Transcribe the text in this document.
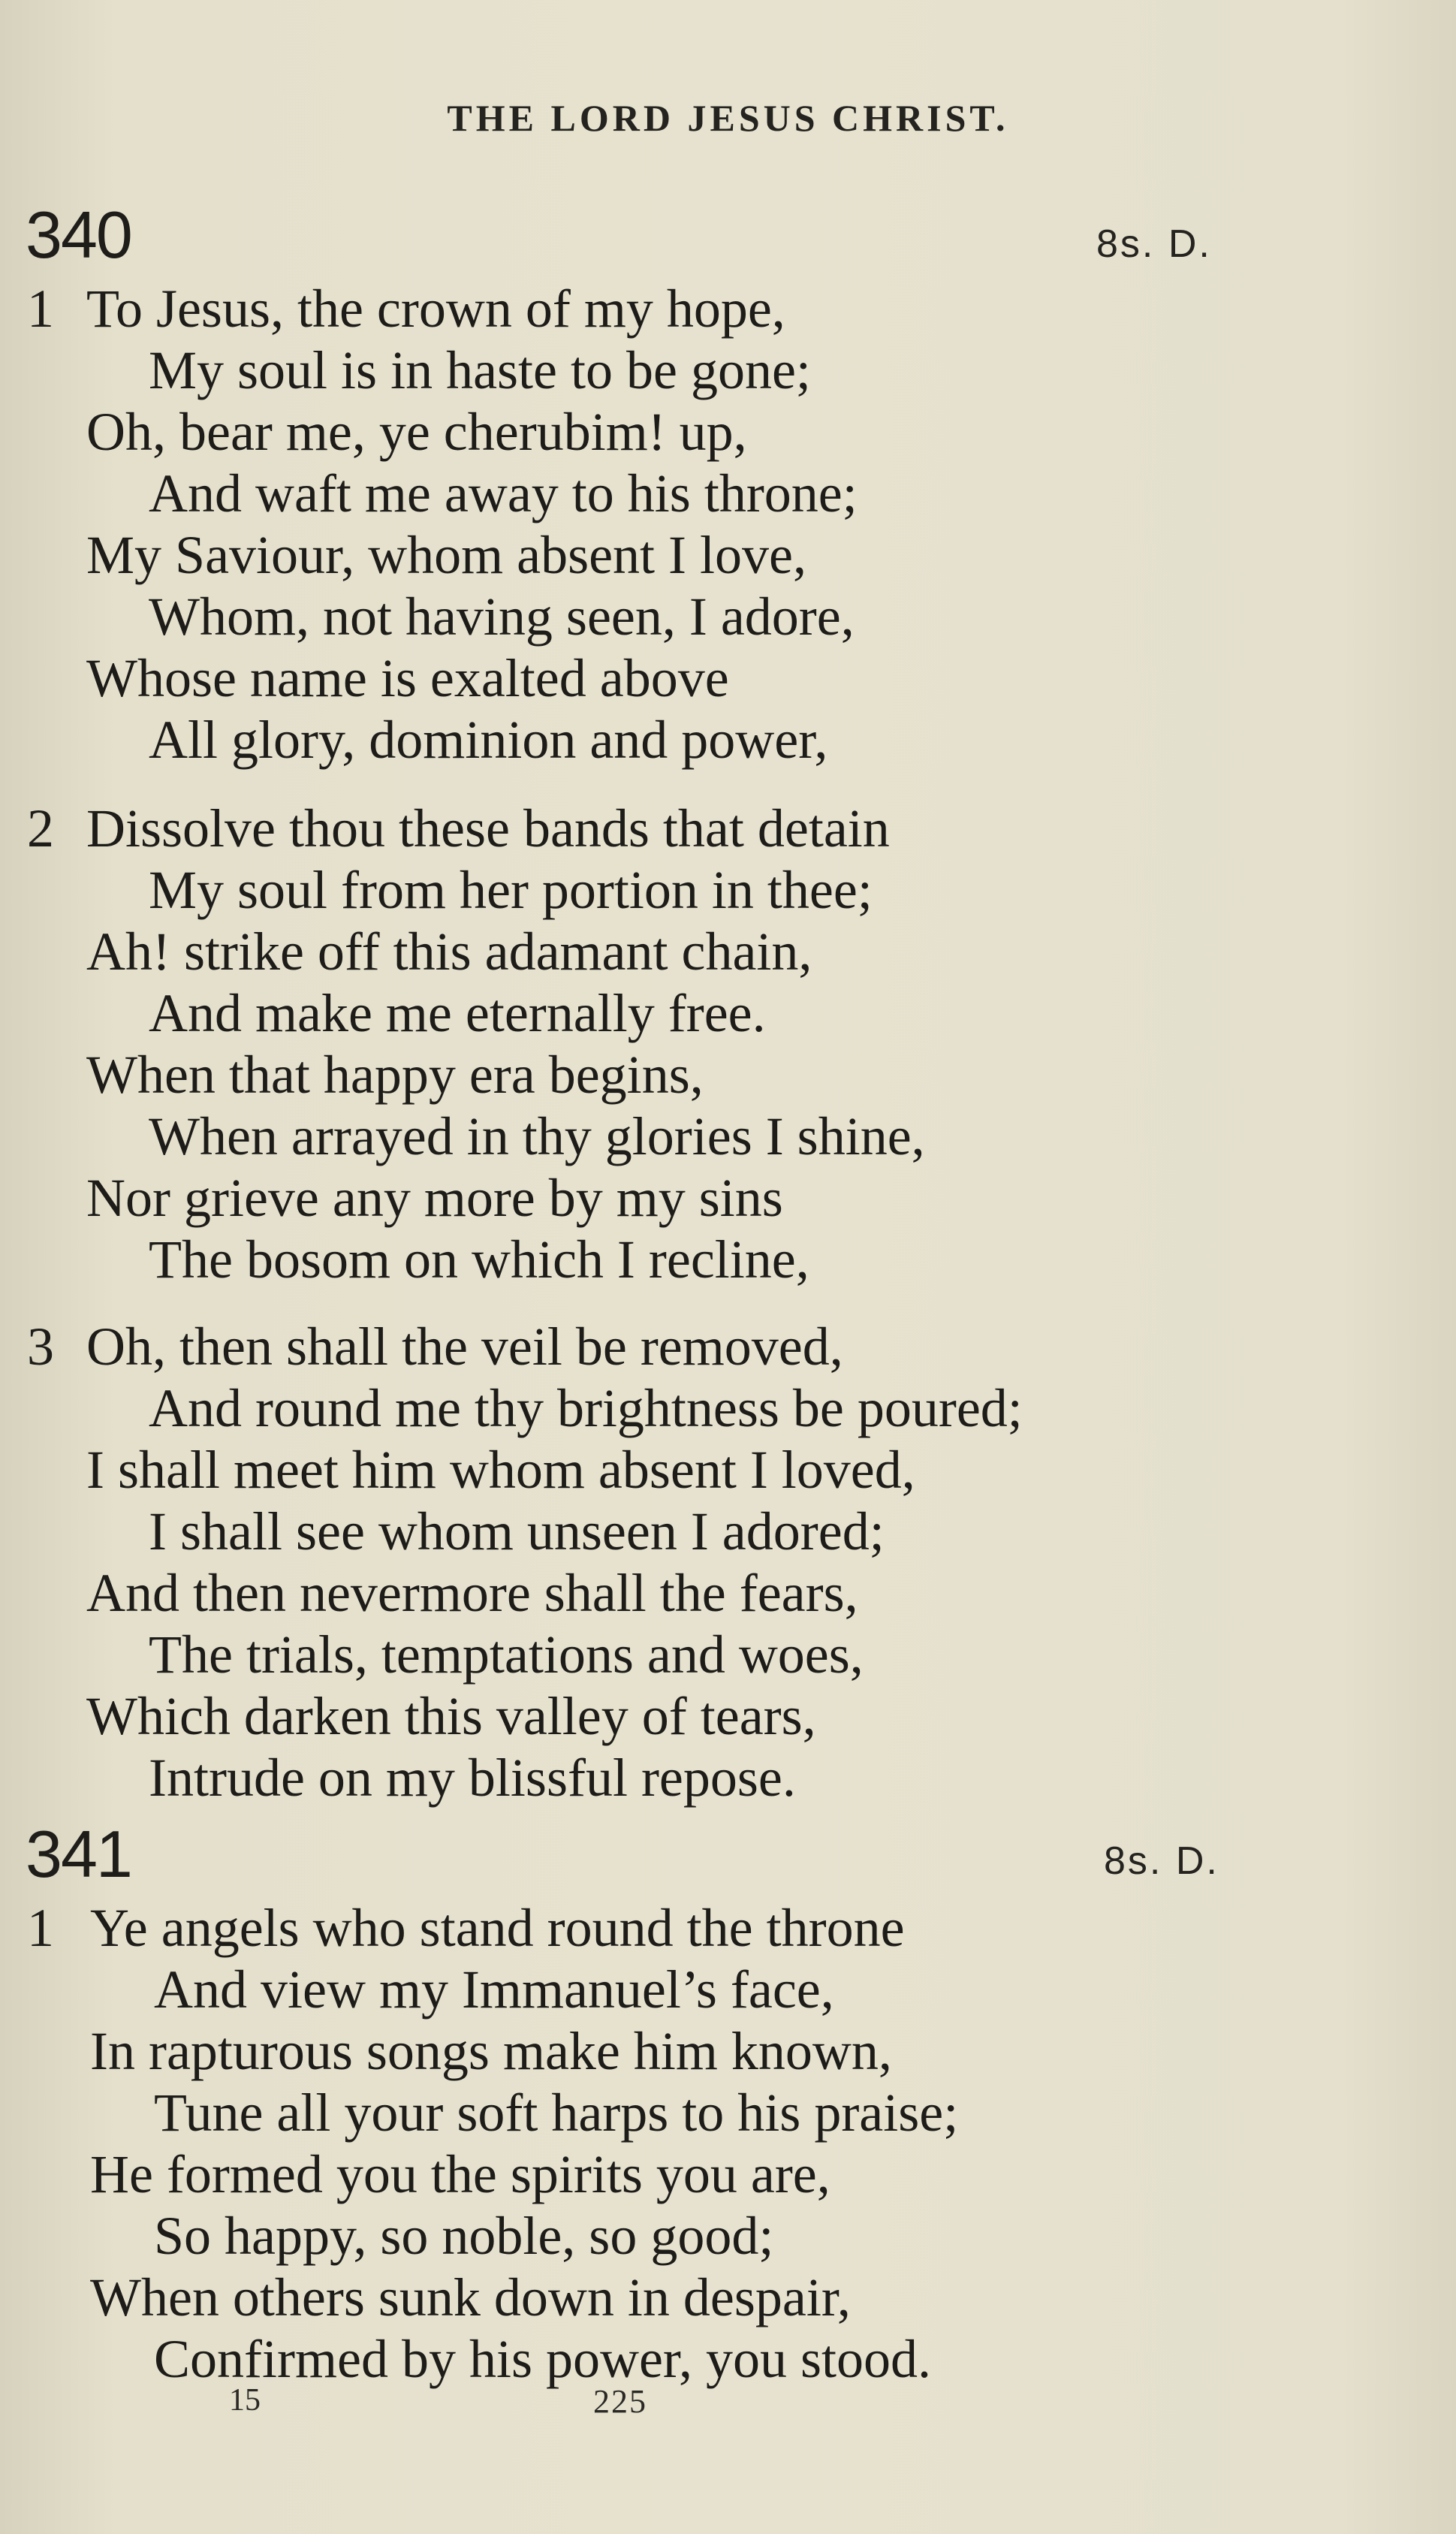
THE LORD JESUS CHRIST.
340	8s. D.
1 To Jesus, the crown of my hope,
My soul is in haste to be gone;
Oh, bear me, ye cherubim! up,
And waft me away to his throne;
My Saviour, whom absent I love,
Whom, not having seen, I adore,
Whose name is exalted above
All glory, dominion and power,
2 Dissolve thou these bands that detain
My soul from her portion in thee;
Ah! strike off this adamant chain,
And make me eternally free.
When that happy era begins,
When arrayed in thy glories I shine,
Nor grieve any more by my sins
The bosom on which I recline,
3 Oh, then shall the veil be removed,
And round me thy brightness be poured;
I shall meet him whom absent I loved,
I shall see whom unseen I adored;
And then nevermore shall the fears,
The trials, temptations and woes,
Which darken this valley of tears,
Intrude on my blissful repose.
341	8s. D.
1 Ye angels who stand round the throne
And view my Immanuel’s face,
In rapturous songs make him known,
Tune all your soft harps to his praise;
He formed you the spirits you are,
So happy, so noble, so good;
When others sunk down in despair,
Confirmed by his power, you stood.
15	225
